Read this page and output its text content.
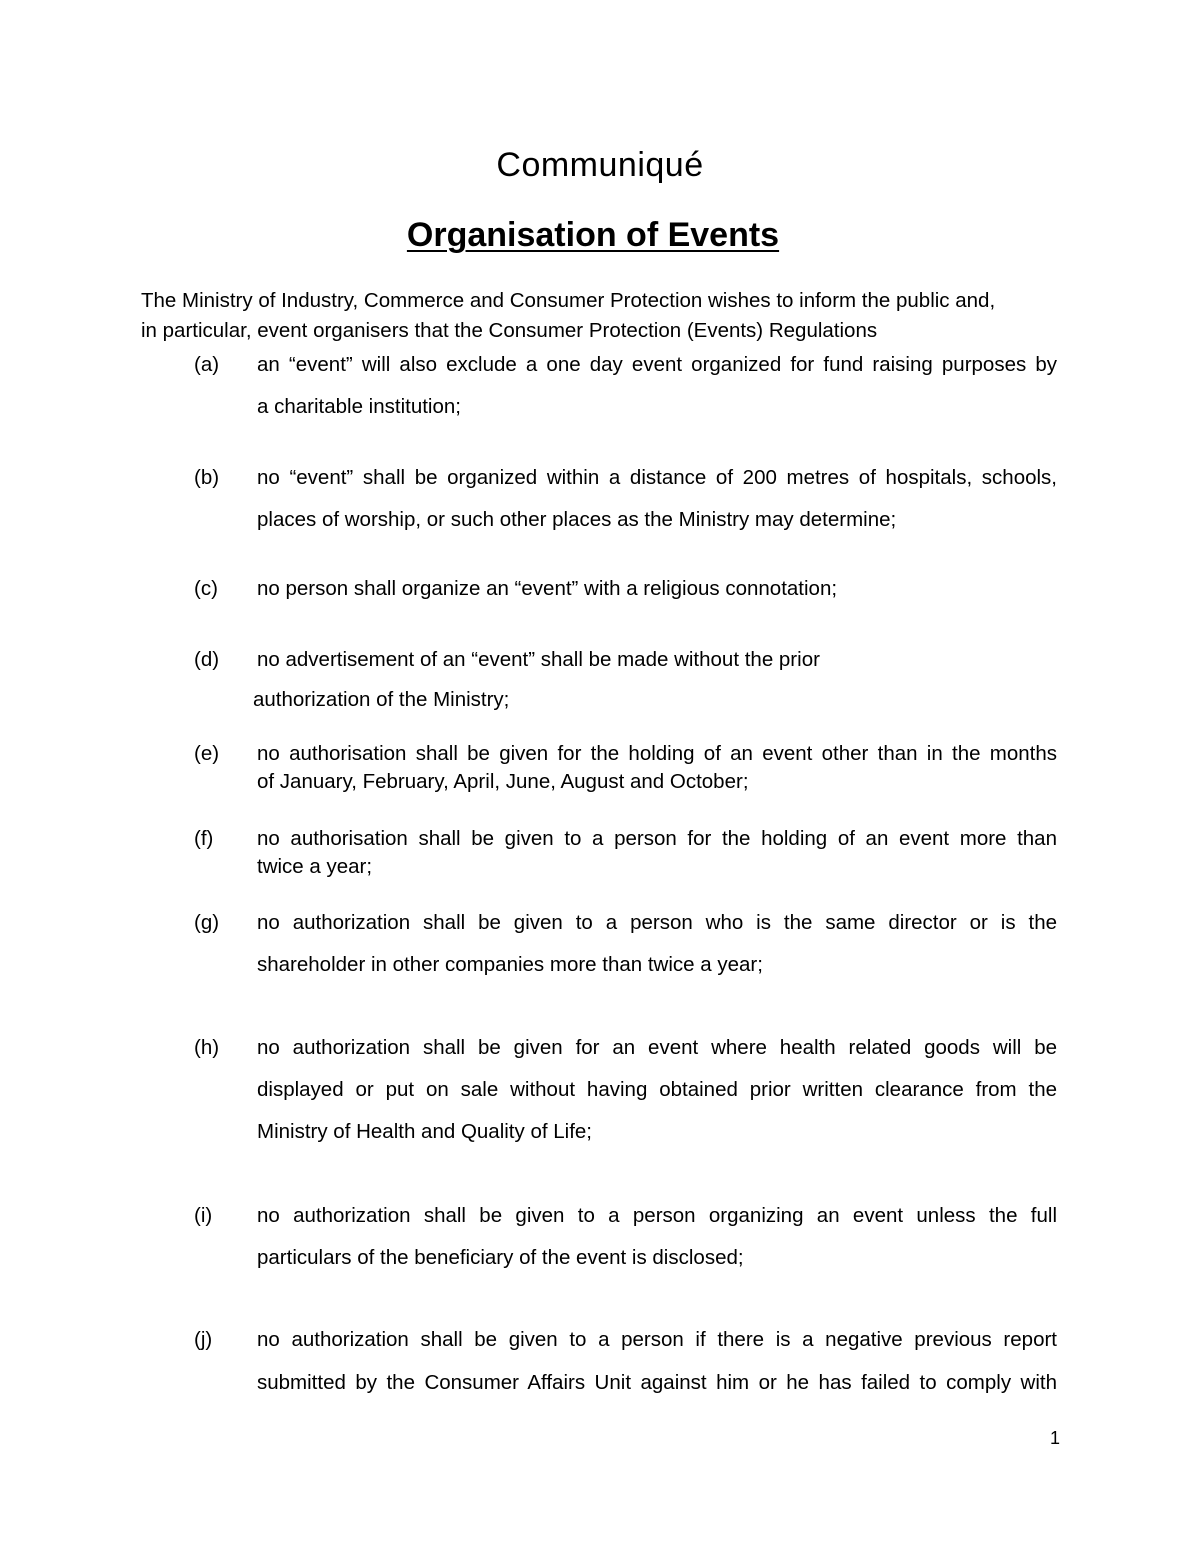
Communiqué
Organisation of Events
The Ministry of Industry, Commerce and Consumer Protection wishes to inform the public and,
in particular, event organisers that the Consumer Protection (Events) Regulations
(a) an “event” will also exclude a one day event organized for fund raising purposes by
a charitable institution;
(b) no “event” shall be organized within a distance of 200 metres of hospitals, schools,
places of worship, or such other places as the Ministry may determine;
(c) no person shall organize an “event” with a religious connotation;
(d) no advertisement of an “event” shall be made without the prior
authorization of the Ministry;
(e) no authorisation shall be given for the holding of an event other than in the months
of January, February, April, June, August and October;
(f) no authorisation shall be given to a person for the holding of an event more than
twice a year;
(g) no authorization shall be given to a person who is the same director or is the
shareholder in other companies more than twice a year;
(h) no authorization shall be given for an event where health related goods will be
displayed or put on sale without having obtained prior written clearance from the
Ministry of Health and Quality of Life;
(i) no authorization shall be given to a person organizing an event unless the full
particulars of the beneficiary of the event is disclosed;
(j) no authorization shall be given to a person if there is a negative previous report
submitted by the Consumer Affairs Unit against him or he has failed to comply with
1
